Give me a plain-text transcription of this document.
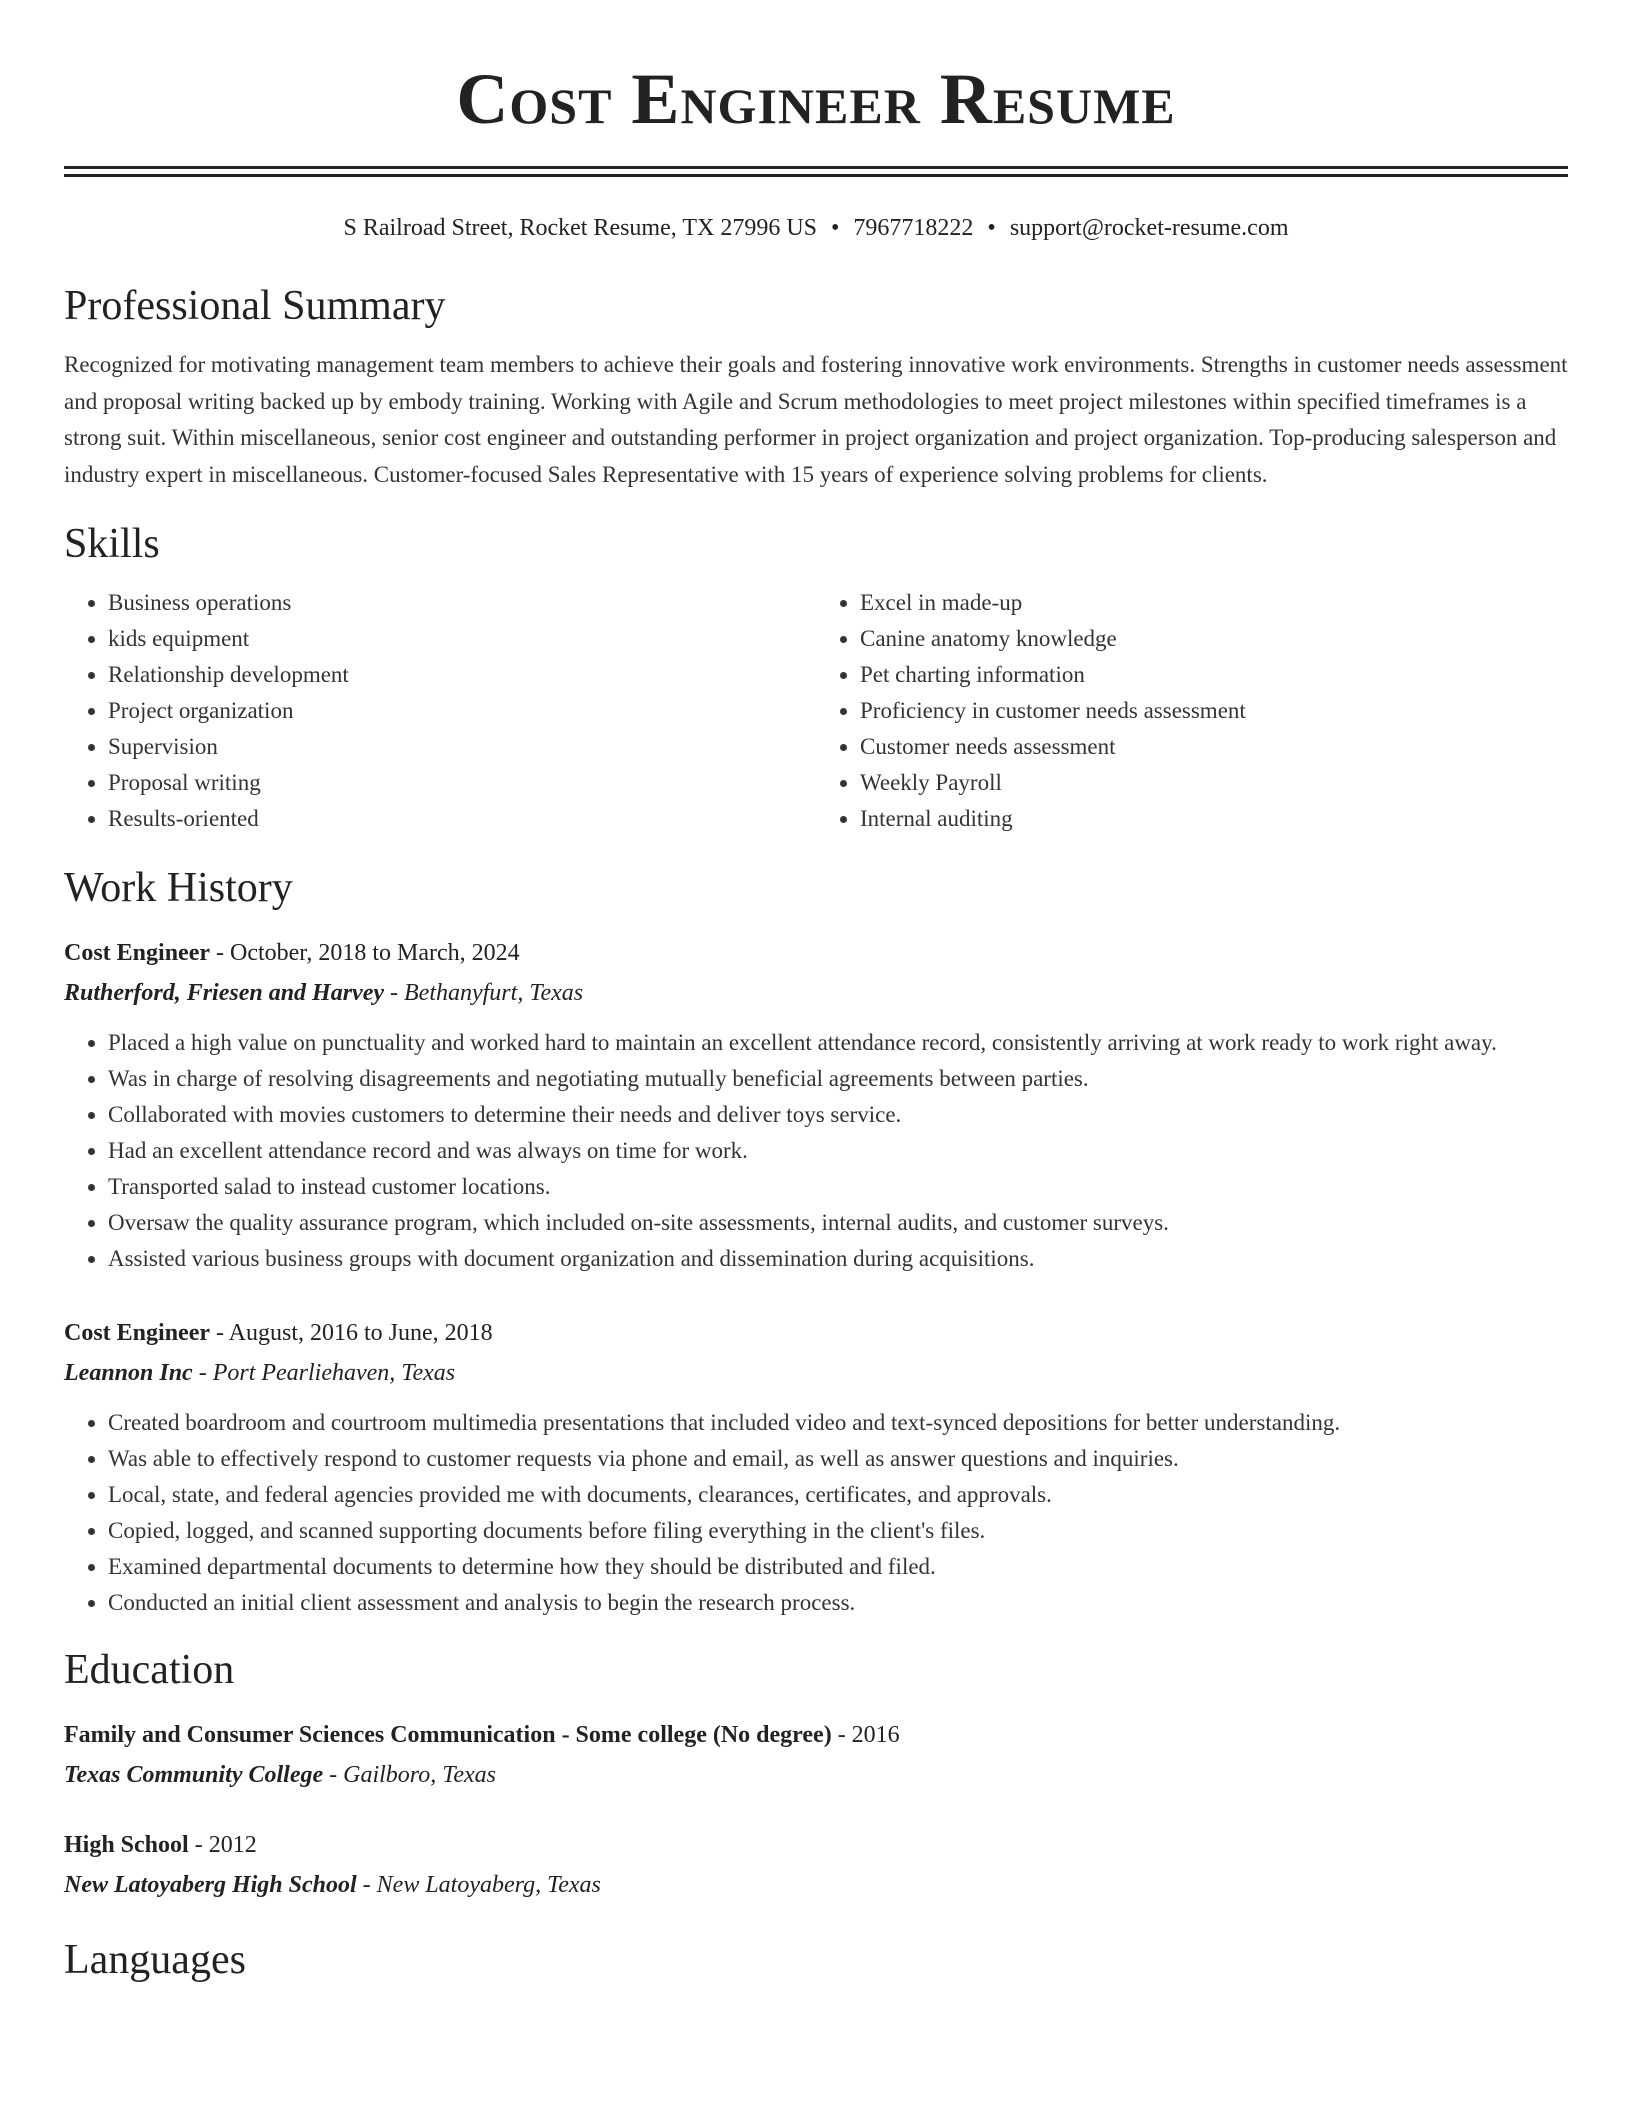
Cost Engineer Resume
S Railroad Street, Rocket Resume, TX 27996 US • 7967718222 • support@rocket-resume.com
Professional Summary
Recognized for motivating management team members to achieve their goals and fostering innovative work environments. Strengths in customer needs assessment and proposal writing backed up by embody training. Working with Agile and Scrum methodologies to meet project milestones within specified timeframes is a strong suit. Within miscellaneous, senior cost engineer and outstanding performer in project organization and project organization. Top-producing salesperson and industry expert in miscellaneous. Customer-focused Sales Representative with 15 years of experience solving problems for clients.
Skills
• Business operations
• kids equipment
• Relationship development
• Project organization
• Supervision
• Proposal writing
• Results-oriented
• Excel in made-up
• Canine anatomy knowledge
• Pet charting information
• Proficiency in customer needs assessment
• Customer needs assessment
• Weekly Payroll
• Internal auditing
Work History
Cost Engineer - October, 2018 to March, 2024
Rutherford, Friesen and Harvey - Bethanyfurt, Texas
• Placed a high value on punctuality and worked hard to maintain an excellent attendance record, consistently arriving at work ready to work right away.
• Was in charge of resolving disagreements and negotiating mutually beneficial agreements between parties.
• Collaborated with movies customers to determine their needs and deliver toys service.
• Had an excellent attendance record and was always on time for work.
• Transported salad to instead customer locations.
• Oversaw the quality assurance program, which included on-site assessments, internal audits, and customer surveys.
• Assisted various business groups with document organization and dissemination during acquisitions.
Cost Engineer - August, 2016 to June, 2018
Leannon Inc - Port Pearliehaven, Texas
• Created boardroom and courtroom multimedia presentations that included video and text-synced depositions for better understanding.
• Was able to effectively respond to customer requests via phone and email, as well as answer questions and inquiries.
• Local, state, and federal agencies provided me with documents, clearances, certificates, and approvals.
• Copied, logged, and scanned supporting documents before filing everything in the client's files.
• Examined departmental documents to determine how they should be distributed and filed.
• Conducted an initial client assessment and analysis to begin the research process.
Education
Family and Consumer Sciences Communication - Some college (No degree) - 2016
Texas Community College - Gailboro, Texas
High School - 2012
New Latoyaberg High School - New Latoyaberg, Texas
Languages
